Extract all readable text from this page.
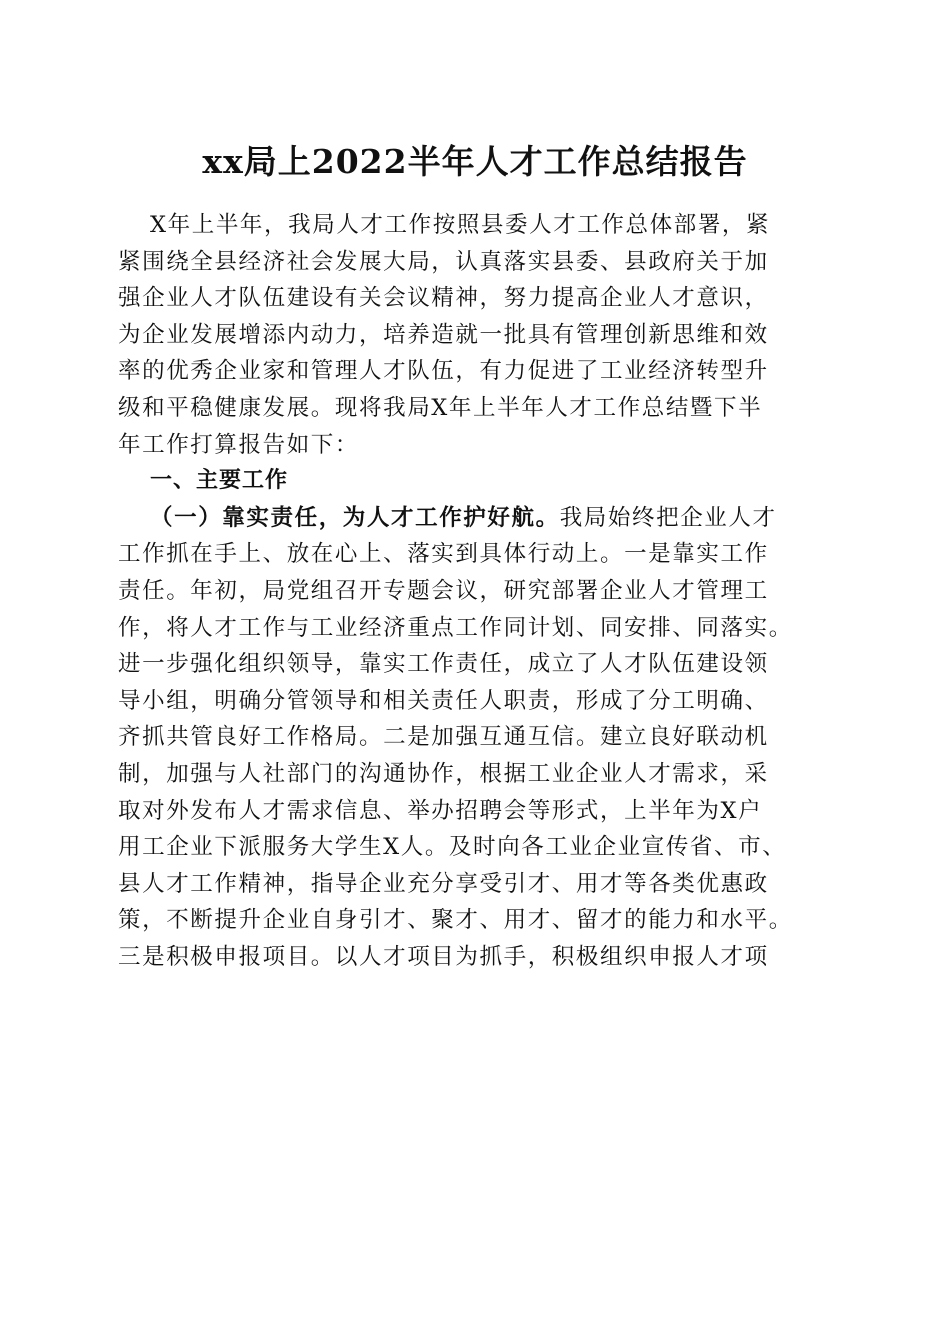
xx局上2022半年人才工作总结报告
X年上半年，我局人才工作按照县委人才工作总体部署，紧
紧围绕全县经济社会发展大局，认真落实县委、县政府关于加
强企业人才队伍建设有关会议精神，努力提高企业人才意识，
为企业发展增添内动力，培养造就一批具有管理创新思维和效
率的优秀企业家和管理人才队伍，有力促进了工业经济转型升
级和平稳健康发展。现将我局X年上半年人才工作总结暨下半
年工作打算报告如下：
一、主要工作
（一）靠实责任，为人才工作护好航。我局始终把企业人才
工作抓在手上、放在心上、落实到具体行动上。一是靠实工作
责任。年初，局党组召开专题会议，研究部署企业人才管理工
作，将人才工作与工业经济重点工作同计划、同安排、同落实。
进一步强化组织领导，靠实工作责任，成立了人才队伍建设领
导小组，明确分管领导和相关责任人职责，形成了分工明确、
齐抓共管良好工作格局。二是加强互通互信。建立良好联动机
制，加强与人社部门的沟通协作，根据工业企业人才需求，采
取对外发布人才需求信息、举办招聘会等形式，上半年为X户
用工企业下派服务大学生X人。及时向各工业企业宣传省、市、
县人才工作精神，指导企业充分享受引才、用才等各类优惠政
策，不断提升企业自身引才、聚才、用才、留才的能力和水平。
三是积极申报项目。以人才项目为抓手，积极组织申报人才项
